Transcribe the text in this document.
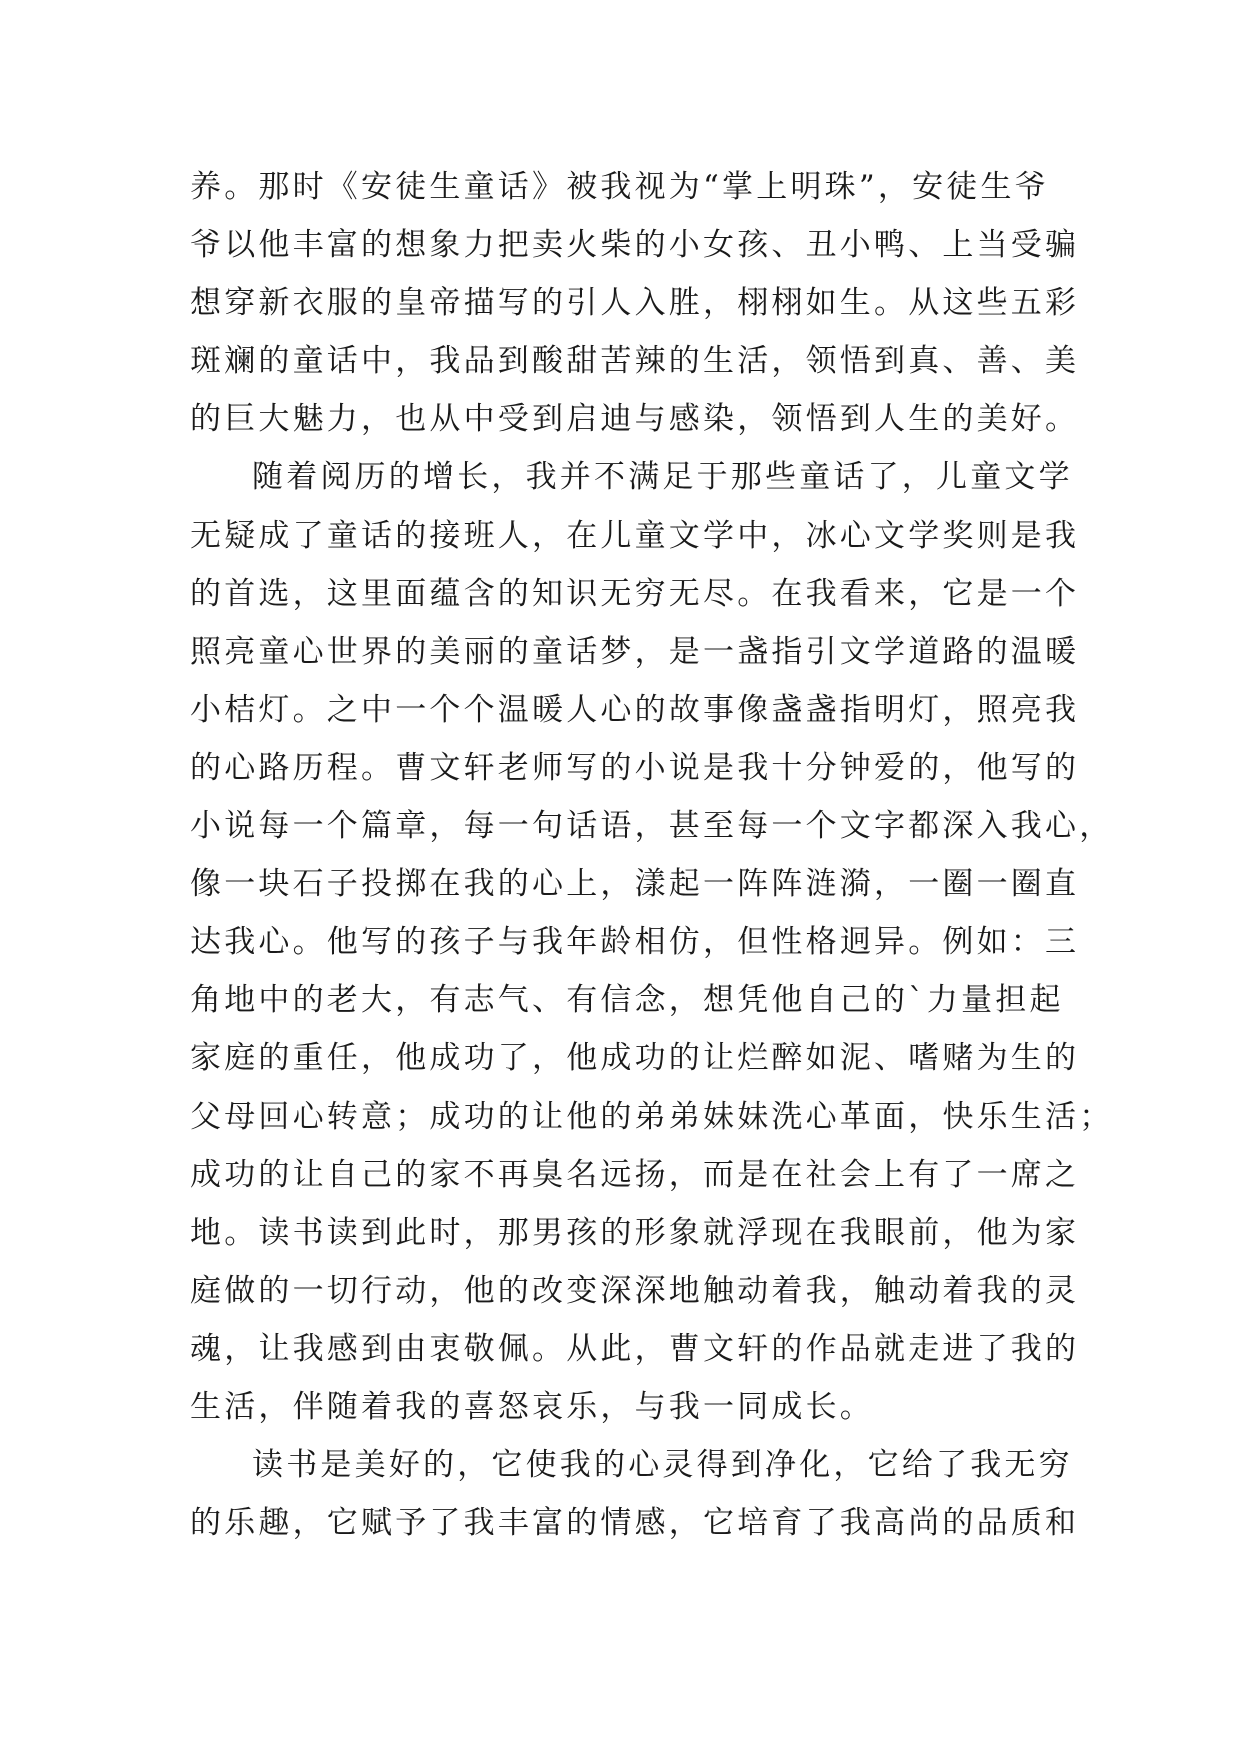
养。那时《安徒生童话》被我视为“掌上明珠”，安徒生爷
爷以他丰富的想象力把卖火柴的小女孩、丑小鸭、上当受骗
想穿新衣服的皇帝描写的引人入胜，栩栩如生。从这些五彩
斑斓的童话中，我品到酸甜苦辣的生活，领悟到真、善、美
的巨大魅力，也从中受到启迪与感染，领悟到人生的美好。
随着阅历的增长，我并不满足于那些童话了，儿童文学
无疑成了童话的接班人，在儿童文学中，冰心文学奖则是我
的首选，这里面蕴含的知识无穷无尽。在我看来，它是一个
照亮童心世界的美丽的童话梦，是一盏指引文学道路的温暖
小桔灯。之中一个个温暖人心的故事像盏盏指明灯，照亮我
的心路历程。曹文轩老师写的小说是我十分钟爱的，他写的
小说每一个篇章，每一句话语，甚至每一个文字都深入我心，
像一块石子投掷在我的心上，漾起一阵阵涟漪，一圈一圈直
达我心。他写的孩子与我年龄相仿，但性格迥异。例如：三
角地中的老大，有志气、有信念，想凭他自己的`力量担起
家庭的重任，他成功了，他成功的让烂醉如泥、嗜赌为生的
父母回心转意；成功的让他的弟弟妹妹洗心革面，快乐生活；
成功的让自己的家不再臭名远扬，而是在社会上有了一席之
地。读书读到此时，那男孩的形象就浮现在我眼前，他为家
庭做的一切行动，他的改变深深地触动着我，触动着我的灵
魂，让我感到由衷敬佩。从此，曹文轩的作品就走进了我的
生活，伴随着我的喜怒哀乐，与我一同成长。
读书是美好的，它使我的心灵得到净化，它给了我无穷
的乐趣，它赋予了我丰富的情感，它培育了我高尚的品质和
